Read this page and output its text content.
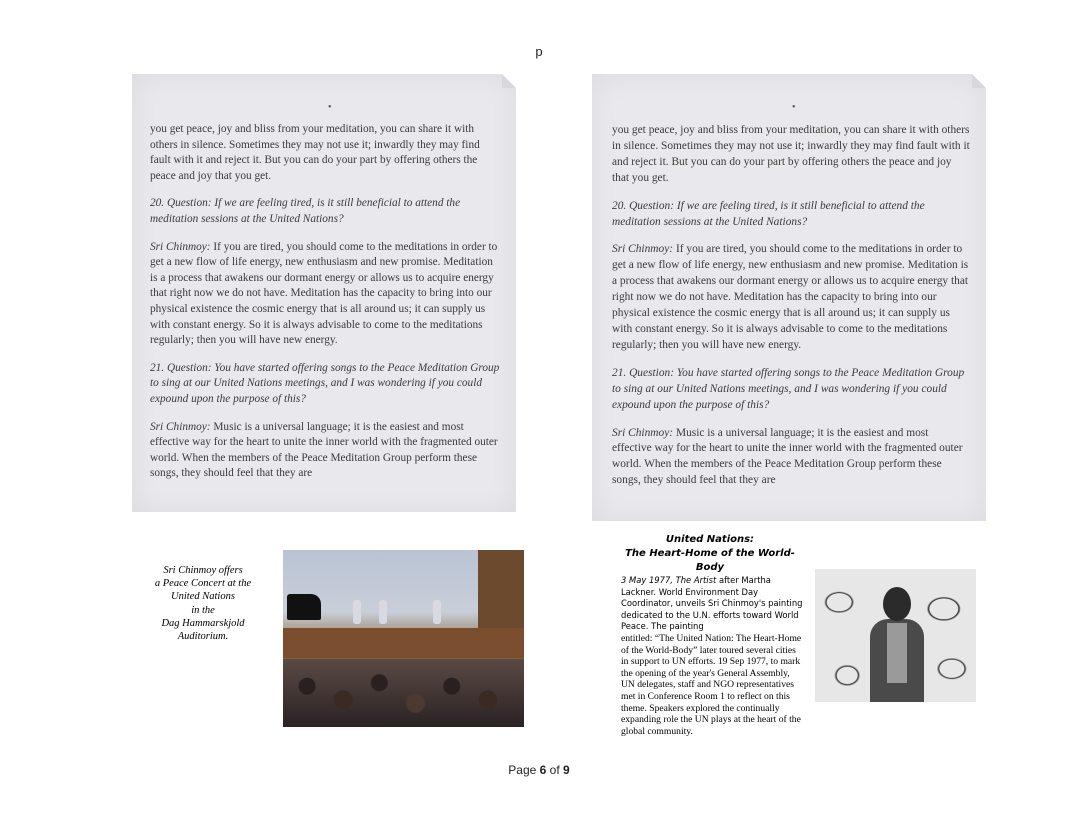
p
•

you get peace, joy and bliss from your meditation, you can share it with others in silence. Sometimes they may not use it; inwardly they may find fault with it and reject it. But you can do your part by offering others the peace and joy that you get.

20. Question: If we are feeling tired, is it still beneficial to attend the meditation sessions at the United Nations?

Sri Chinmoy: If you are tired, you should come to the meditations in order to get a new flow of life energy, new enthusiasm and new promise. Meditation is a process that awakens our dormant energy or allows us to acquire energy that right now we do not have. Meditation has the capacity to bring into our physical existence the cosmic energy that is all around us; it can supply us with constant energy. So it is always advisable to come to the meditations regularly; then you will have new energy.

21. Question: You have started offering songs to the Peace Meditation Group to sing at our United Nations meetings, and I was wondering if you could expound upon the purpose of this?

Sri Chinmoy: Music is a universal language; it is the easiest and most effective way for the heart to unite the inner world with the fragmented outer world. When the members of the Peace Meditation Group perform these songs, they should feel that they are

•

you get peace, joy and bliss from your meditation, you can share it with others in silence. Sometimes they may not use it; inwardly they may find fault with it and reject it. But you can do your part by offering others the peace and joy that you get.

20. Question: If we are feeling tired, is it still beneficial to attend the meditation sessions at the United Nations?

Sri Chinmoy: If you are tired, you should come to the meditations in order to get a new flow of life energy, new enthusiasm and new promise. Meditation is a process that awakens our dormant energy or allows us to acquire energy that right now we do not have. Meditation has the capacity to bring into our physical existence the cosmic energy that is all around us; it can supply us with constant energy. So it is always advisable to come to the meditations regularly; then you will have new energy.

21. Question: You have started offering songs to the Peace Meditation Group to sing at our United Nations meetings, and I was wondering if you could expound upon the purpose of this?

Sri Chinmoy: Music is a universal language; it is the easiest and most effective way for the heart to unite the inner world with the fragmented outer world. When the members of the Peace Meditation Group perform these songs, they should feel that they are

Sri Chinmoy offers
a Peace Concert at the
United Nations
in the
Dag Hammarskjold
Auditorium.
United Nations:
The Heart-Home of the World-Body
3 May 1977, The Artist after Martha Lackner. World Environment Day Coordinator, unveils Sri Chinmoy's painting dedicated to the U.N. efforts toward World Peace. The painting
entitled: “The United Nation: The Heart-Home of the World-Body” later toured several cities in support to UN efforts. 19 Sep 1977, to mark the opening of the year's General Assembly, UN delegates, staff and NGO representatives met in Conference Room 1 to reflect on this theme. Speakers explored the continually expanding role the UN plays at the heart of the global community.
Page 6 of 9
